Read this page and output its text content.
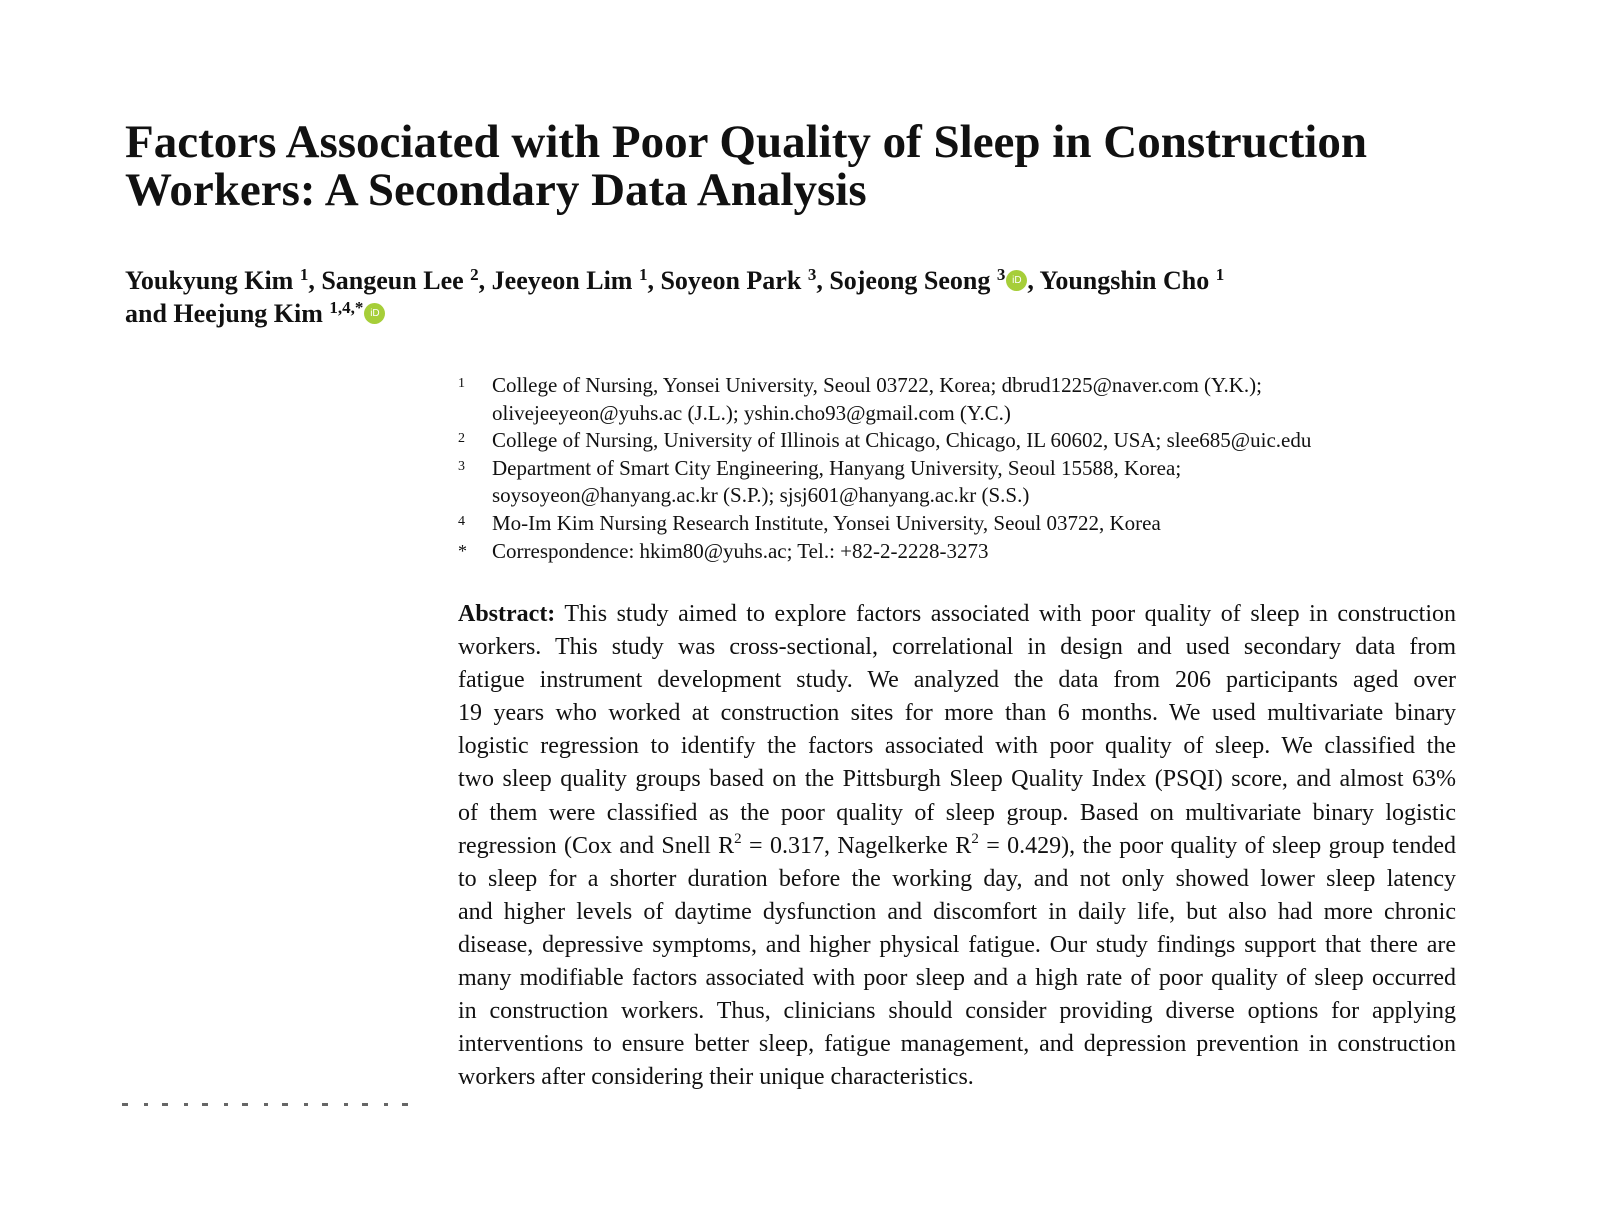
Factors Associated with Poor Quality of Sleep in Construction
Workers: A Secondary Data Analysis
Youkyung Kim $^1$, Sangeun Lee $^2$, Jeeyeon Lim $^1$, Soyeon Park $^3$, Sojeong Seong $^3$ iD , Youngshin Cho $^1$
and Heejung Kim $^{1,4,*}$ iD
1	College of Nursing, Yonsei University, Seoul 03722, Korea; dbrud1225@naver.com (Y.K.);
olivejeeyeon@yuhs.ac (J.L.); yshin.cho93@gmail.com (Y.C.)
2	College of Nursing, University of Illinois at Chicago, Chicago, IL 60602, USA; slee685@uic.edu
3	Department of Smart City Engineering, Hanyang University, Seoul 15588, Korea;
soysoyeon@hanyang.ac.kr (S.P.); sjsj601@hanyang.ac.kr (S.S.)
4	Mo-Im Kim Nursing Research Institute, Yonsei University, Seoul 03722, Korea
*	Correspondence: hkim80@yuhs.ac; Tel.: +82-2-2228-3273
Abstract: This study aimed to explore factors associated with poor quality of sleep in construction
workers. This study was cross-sectional, correlational in design and used secondary data from
fatigue instrument development study. We analyzed the data from 206 participants aged over
19 years who worked at construction sites for more than 6 months. We used multivariate binary
logistic regression to identify the factors associated with poor quality of sleep. We classified the
two sleep quality groups based on the Pittsburgh Sleep Quality Index (PSQI) score, and almost 63%
of them were classified as the poor quality of sleep group. Based on multivariate binary logistic
regression (Cox and Snell $R^2 = 0.317$, Nagelkerke $R^2 = 0.429$), the poor quality of sleep group tended
to sleep for a shorter duration before the working day, and not only showed lower sleep latency
and higher levels of daytime dysfunction and discomfort in daily life, but also had more chronic
disease, depressive symptoms, and higher physical fatigue. Our study findings support that there are
many modifiable factors associated with poor sleep and a high rate of poor quality of sleep occurred
in construction workers. Thus, clinicians should consider providing diverse options for applying
interventions to ensure better sleep, fatigue management, and depression prevention in construction
workers after considering their unique characteristics.
